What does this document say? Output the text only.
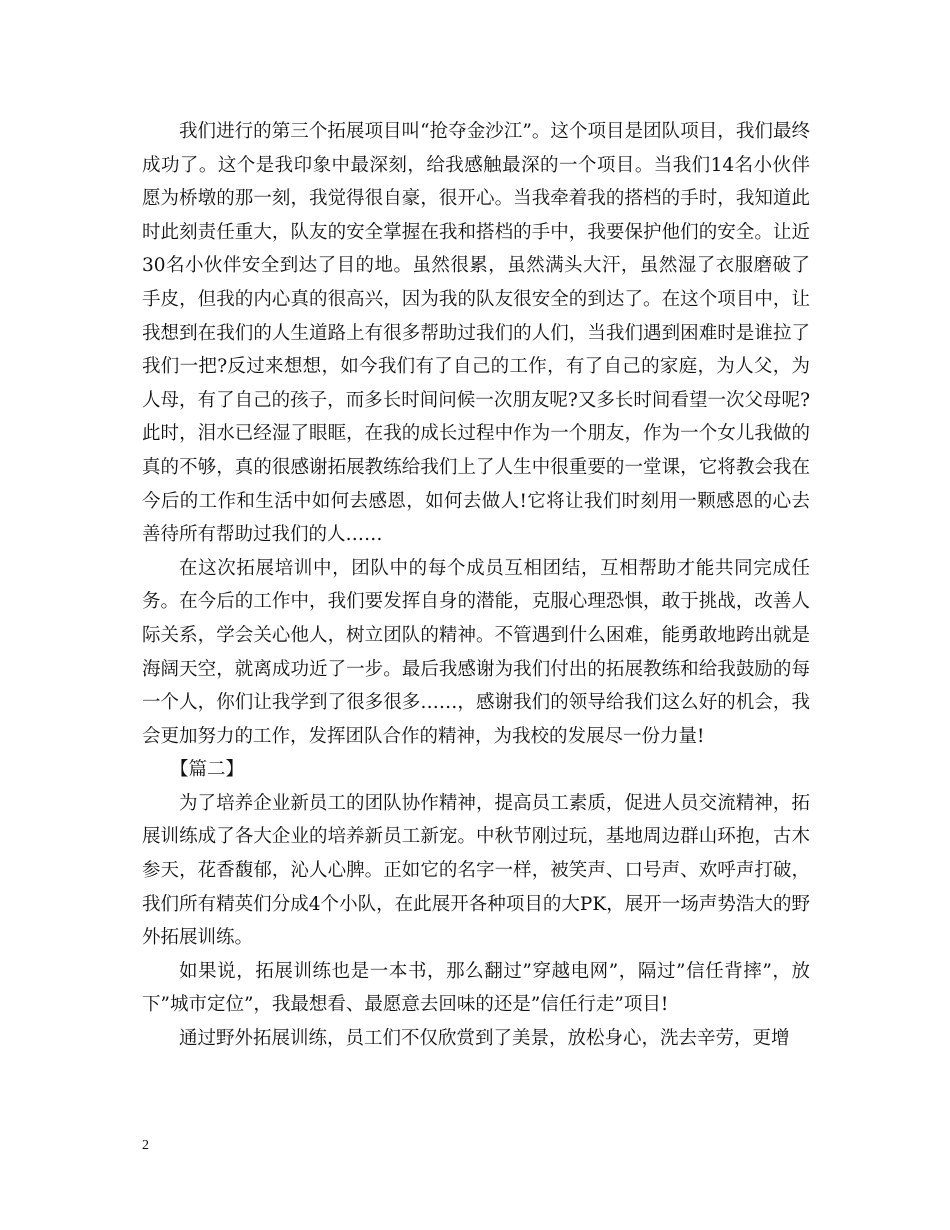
我们进行的第三个拓展项目叫“抢夺金沙江”。这个项目是团队项目，我们最终成功了。这个是我印象中最深刻，给我感触最深的一个项目。当我们14名小伙伴愿为桥墩的那一刻，我觉得很自豪，很开心。当我牵着我的搭档的手时，我知道此时此刻责任重大，队友的安全掌握在我和搭档的手中，我要保护他们的安全。让近30名小伙伴安全到达了目的地。虽然很累，虽然满头大汗，虽然湿了衣服磨破了手皮，但我的内心真的很高兴，因为我的队友很安全的到达了。在这个项目中，让我想到在我们的人生道路上有很多帮助过我们的人们，当我们遇到困难时是谁拉了我们一把?反过来想想，如今我们有了自己的工作，有了自己的家庭，为人父，为人母，有了自己的孩子，而多长时间问候一次朋友呢?又多长时间看望一次父母呢?此时，泪水已经湿了眼眶，在我的成长过程中作为一个朋友，作为一个女儿我做的真的不够，真的很感谢拓展教练给我们上了人生中很重要的一堂课，它将教会我在今后的工作和生活中如何去感恩，如何去做人!它将让我们时刻用一颗感恩的心去善待所有帮助过我们的人……

在这次拓展培训中，团队中的每个成员互相团结，互相帮助才能共同完成任务。在今后的工作中，我们要发挥自身的潜能，克服心理恐惧，敢于挑战，改善人际关系，学会关心他人，树立团队的精神。不管遇到什么困难，能勇敢地跨出就是海阔天空，就离成功近了一步。最后我感谢为我们付出的拓展教练和给我鼓励的每一个人，你们让我学到了很多很多……，感谢我们的领导给我们这么好的机会，我会更加努力的工作，发挥团队合作的精神，为我校的发展尽一份力量!

【篇二】

为了培养企业新员工的团队协作精神，提高员工素质，促进人员交流精神，拓展训练成了各大企业的培养新员工新宠。中秋节刚过玩，基地周边群山环抱，古木参天，花香馥郁，沁人心脾。正如它的名字一样，被笑声、口号声、欢呼声打破，我们所有精英们分成4个小队，在此展开各种项目的大PK，展开一场声势浩大的野外拓展训练。

如果说，拓展训练也是一本书，那么翻过”穿越电网”，隔过”信任背摔”，放下”城市定位”，我最想看、最愿意去回味的还是”信任行走”项目!

通过野外拓展训练，员工们不仅欣赏到了美景，放松身心，洗去辛劳，更增

2
